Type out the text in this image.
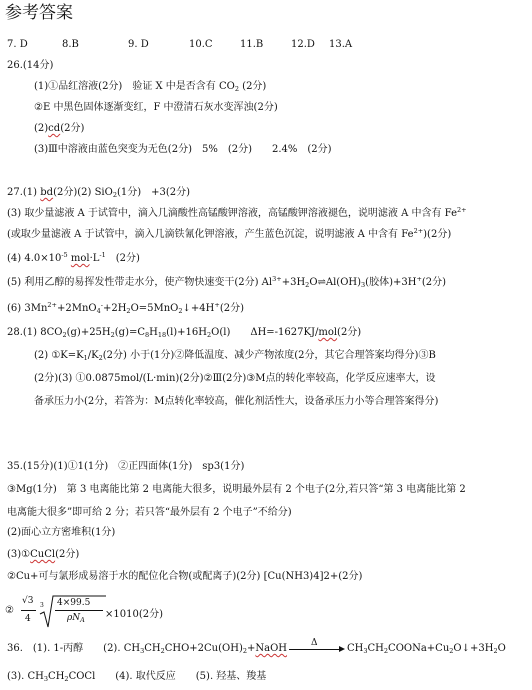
参考答案
7. D	8.B	9. D	10.C	11.B	12.D 13.A
26.(14分)
(1)①品红溶液(2分)　验证 X 中是否含有 $CO_2$ (2分)
②E 中黑色固体逐渐变红，F 中澄清石灰水变浑浊(2分)
(2)cd(2分)
(3)Ⅲ中溶液由蓝色突变为无色(2分)　5%　(2分)　　2.4%　(2分)
27.(1) bd(2分)(2) SiO$_2$(1分)　+3(2分)
(3) 取少量滤液 A 于试管中，滴入几滴酸性高锰酸钾溶液，高锰酸钾溶液褪色，说明滤液 A 中含有 $Fe^{2+}$
(或取少量滤液 A 于试管中，滴入几滴铁氰化钾溶液，产生蓝色沉淀，说明滤液 A 中含有 $Fe^{2+})(2$分)
(4) $4.0\times 10^{-5}$ $mol\cdot L^{-1}$　 (2分)
(5) 利用乙醇的易挥发性带走水分，使产物快速变干(2分) $Al^{3+}+3H_2O\rightleftharpoons Al(OH)_3$(胶体)+3H+(2分)
(6) $3Mn^{2+}+2MnO_4^-+2H_2O=5MnO_2↓+4H^+(2$分)
28.(1) $8CO_2(g)+25H_2(g)=C_8H_{18}(l)+16H_2O(l)$　　ΔH=-1627KJ/mol(2分)
(2) $①K=K_1/K_2(2$分) 小于(1分)②降低温度、减少产物浓度(2分，其它合理答案均得分)③B
(2分)(3) ①0.0875mol/(L·min)(2分)②Ⅲ(2分)③M点的转化率较高，化学反应速率大，设
备承压力小(2分，若答为：M点转化率较高，催化剂活性大，设备承压力小等合理答案得分)
35.(15分)(1)①1(1分)　②正四面体(1分)　sp3(1分)
③Mg(1分)　第 3 电离能比第 2 电离能大很多，说明最外层有 2 个电子(2分,若只答“第 3 电离能比第 2
电离能大很多”即可给 2 分；若只答“最外层有 2 个电子”不给分)
(2)面心立方密堆积(1分)
(3)①CuCl(2分)
②Cu+可与氯形成易溶于水的配位化合物(或配离子)(2分) [Cu(NH3)4]2+(2分)
②
√3
4
3 4×99.5
$\rho N_A \times 1010(2$分)
36.　(1). 1-丙醇　　(2). $CH_3CH_2CHO+2Cu(OH)_2+NaOH$	Δ	$CH_3CH_2COONa+Cu_2O↓+3H_2O$
(3). $CH_3CH_2COCl$　　(4). 取代反应　　(5). 羟基、羧基
